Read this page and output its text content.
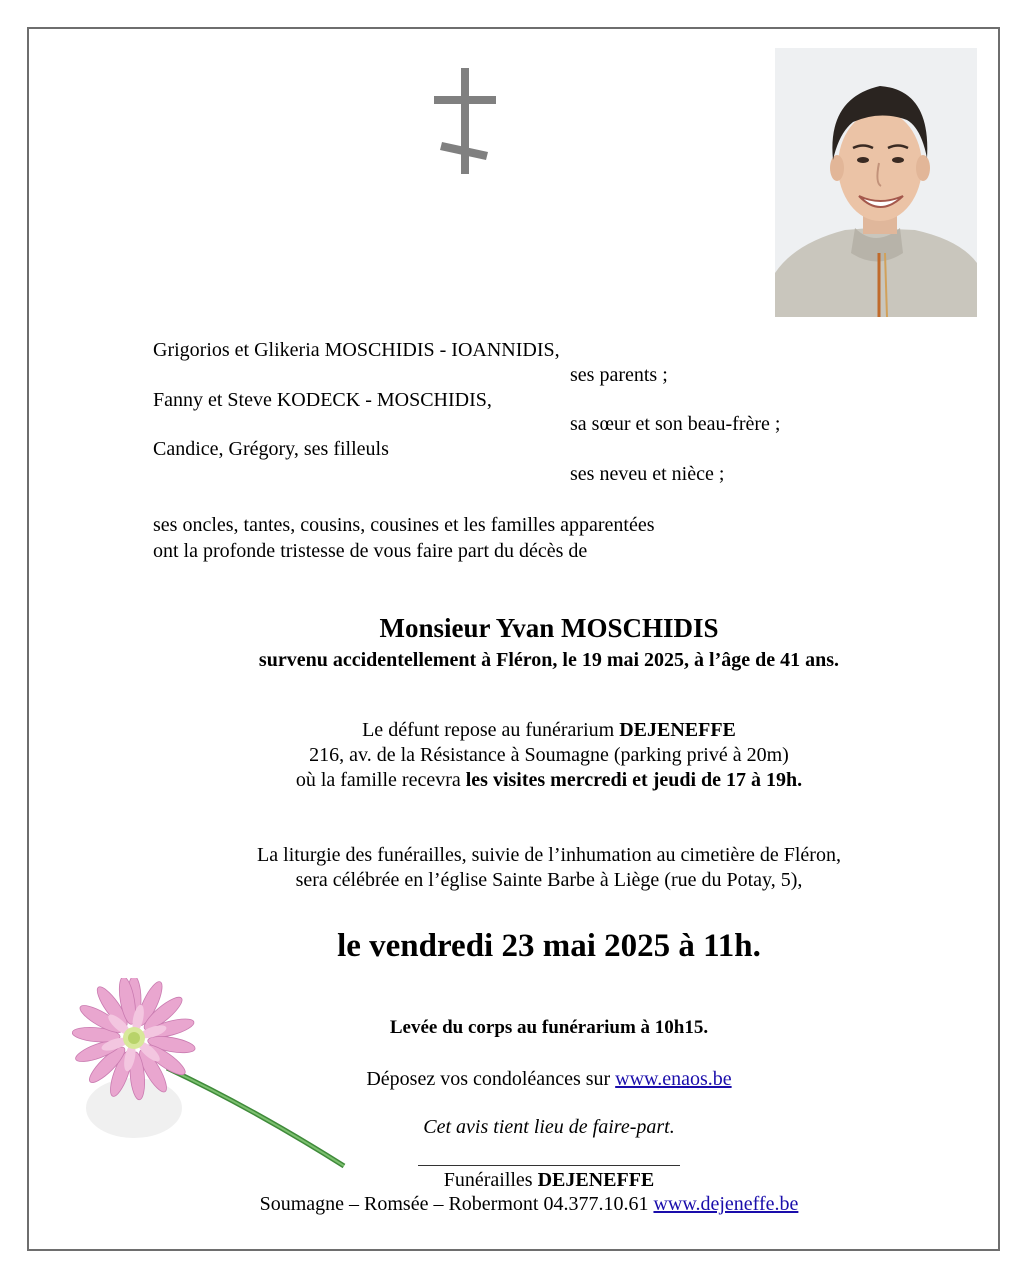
Grigorios et Glikeria MOSCHIDIS - IOANNIDIS,
ses parents ;
Fanny et Steve KODECK - MOSCHIDIS,
sa sœur et son beau-frère ;
Candice, Grégory, ses filleuls
ses neveu et nièce ;
ses oncles, tantes, cousins, cousines et les familles apparentées
ont la profonde tristesse de vous faire part du décès de
Monsieur Yvan MOSCHIDIS
survenu accidentellement à Fléron, le 19 mai 2025, à l’âge de 41 ans.
Le défunt repose au funérarium DEJENEFFE
216, av. de la Résistance à Soumagne (parking privé à 20m)
où la famille recevra les visites mercredi et jeudi de 17 à 19h.
La liturgie des funérailles, suivie de l’inhumation au cimetière de Fléron,
sera célébrée en l’église Sainte Barbe à Liège (rue du Potay, 5),
le vendredi 23 mai 2025 à 11h.
Levée du corps au funérarium à 10h15.
Déposez vos condoléances sur www.enaos.be
Cet avis tient lieu de faire-part.
Funérailles DEJENEFFE
Soumagne – Romsée – Robermont 04.377.10.61 www.dejeneffe.be
